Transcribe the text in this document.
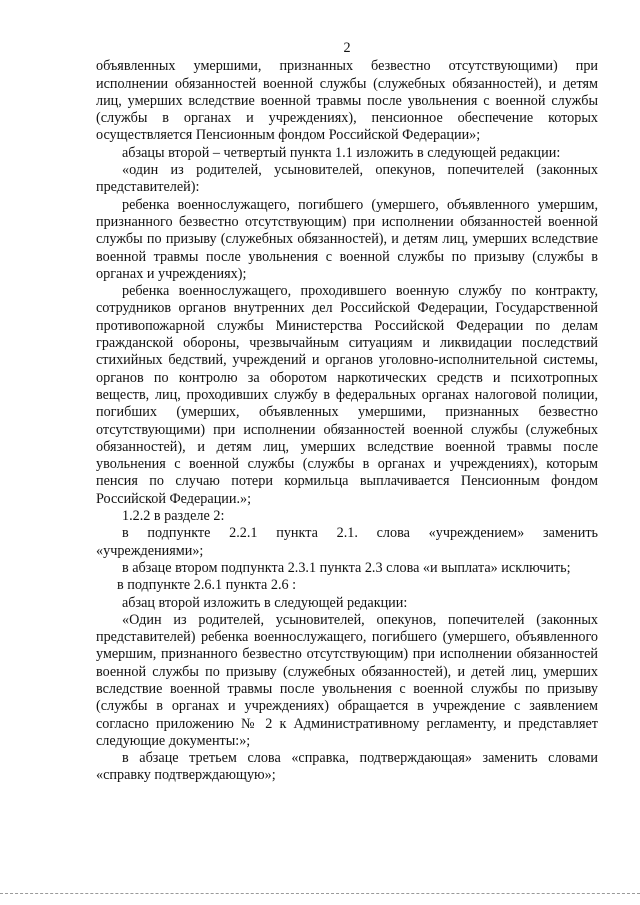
2

объявленных умершими, признанных безвестно отсутствующими) при исполнении обязанностей военной службы (служебных обязанностей), и детям лиц, умерших вследствие военной травмы после увольнения с военной службы (службы в органах и учреждениях), пенсионное обеспечение которых осуществляется Пенсионным фондом Российской Федерации»;

абзацы второй – четвертый пункта 1.1 изложить в следующей редакции:

«один из родителей, усыновителей, опекунов, попечителей (законных представителей):

ребенка военнослужащего, погибшего (умершего, объявленного умершим, признанного безвестно отсутствующим) при исполнении обязанностей военной службы по призыву (служебных обязанностей), и детям лиц, умерших вследствие военной травмы после увольнения с военной службы по призыву (службы в органах и учреждениях);

ребенка военнослужащего, проходившего военную службу по контракту, сотрудников органов внутренних дел Российской Федерации, Государственной противопожарной службы Министерства Российской Федерации по делам гражданской обороны, чрезвычайным ситуациям и ликвидации последствий стихийных бедствий, учреждений и органов уголовно-исполнительной системы, органов по контролю за оборотом наркотических средств и психотропных веществ, лиц, проходивших службу в федеральных органах налоговой полиции, погибших (умерших, объявленных умершими, признанных безвестно отсутствующими) при исполнении обязанностей военной службы (служебных обязанностей), и детям лиц, умерших вследствие военной травмы после увольнения с военной службы (службы в органах и учреждениях), которым пенсия по случаю потери кормильца выплачивается Пенсионным фондом Российской Федерации.»;

1.2.2 в разделе 2:

в подпункте 2.2.1 пункта 2.1. слова «учреждением» заменить «учреждениями»;

в абзаце втором подпункта 2.3.1 пункта 2.3 слова «и выплата» исключить;

в подпункте 2.6.1 пункта 2.6 :

абзац второй изложить в следующей редакции:

«Один из родителей, усыновителей, опекунов, попечителей (законных представителей) ребенка военнослужащего, погибшего (умершего, объявленного умершим, признанного безвестно отсутствующим) при исполнении обязанностей военной службы по призыву (служебных обязанностей), и детей лиц, умерших вследствие военной травмы после увольнения с военной службы по призыву (службы в органах и учреждениях) обращается в учреждение с заявлением согласно приложению № 2 к Административному регламенту, и представляет следующие документы:»;

в абзаце третьем слова «справка, подтверждающая» заменить словами «справку подтверждающую»;
